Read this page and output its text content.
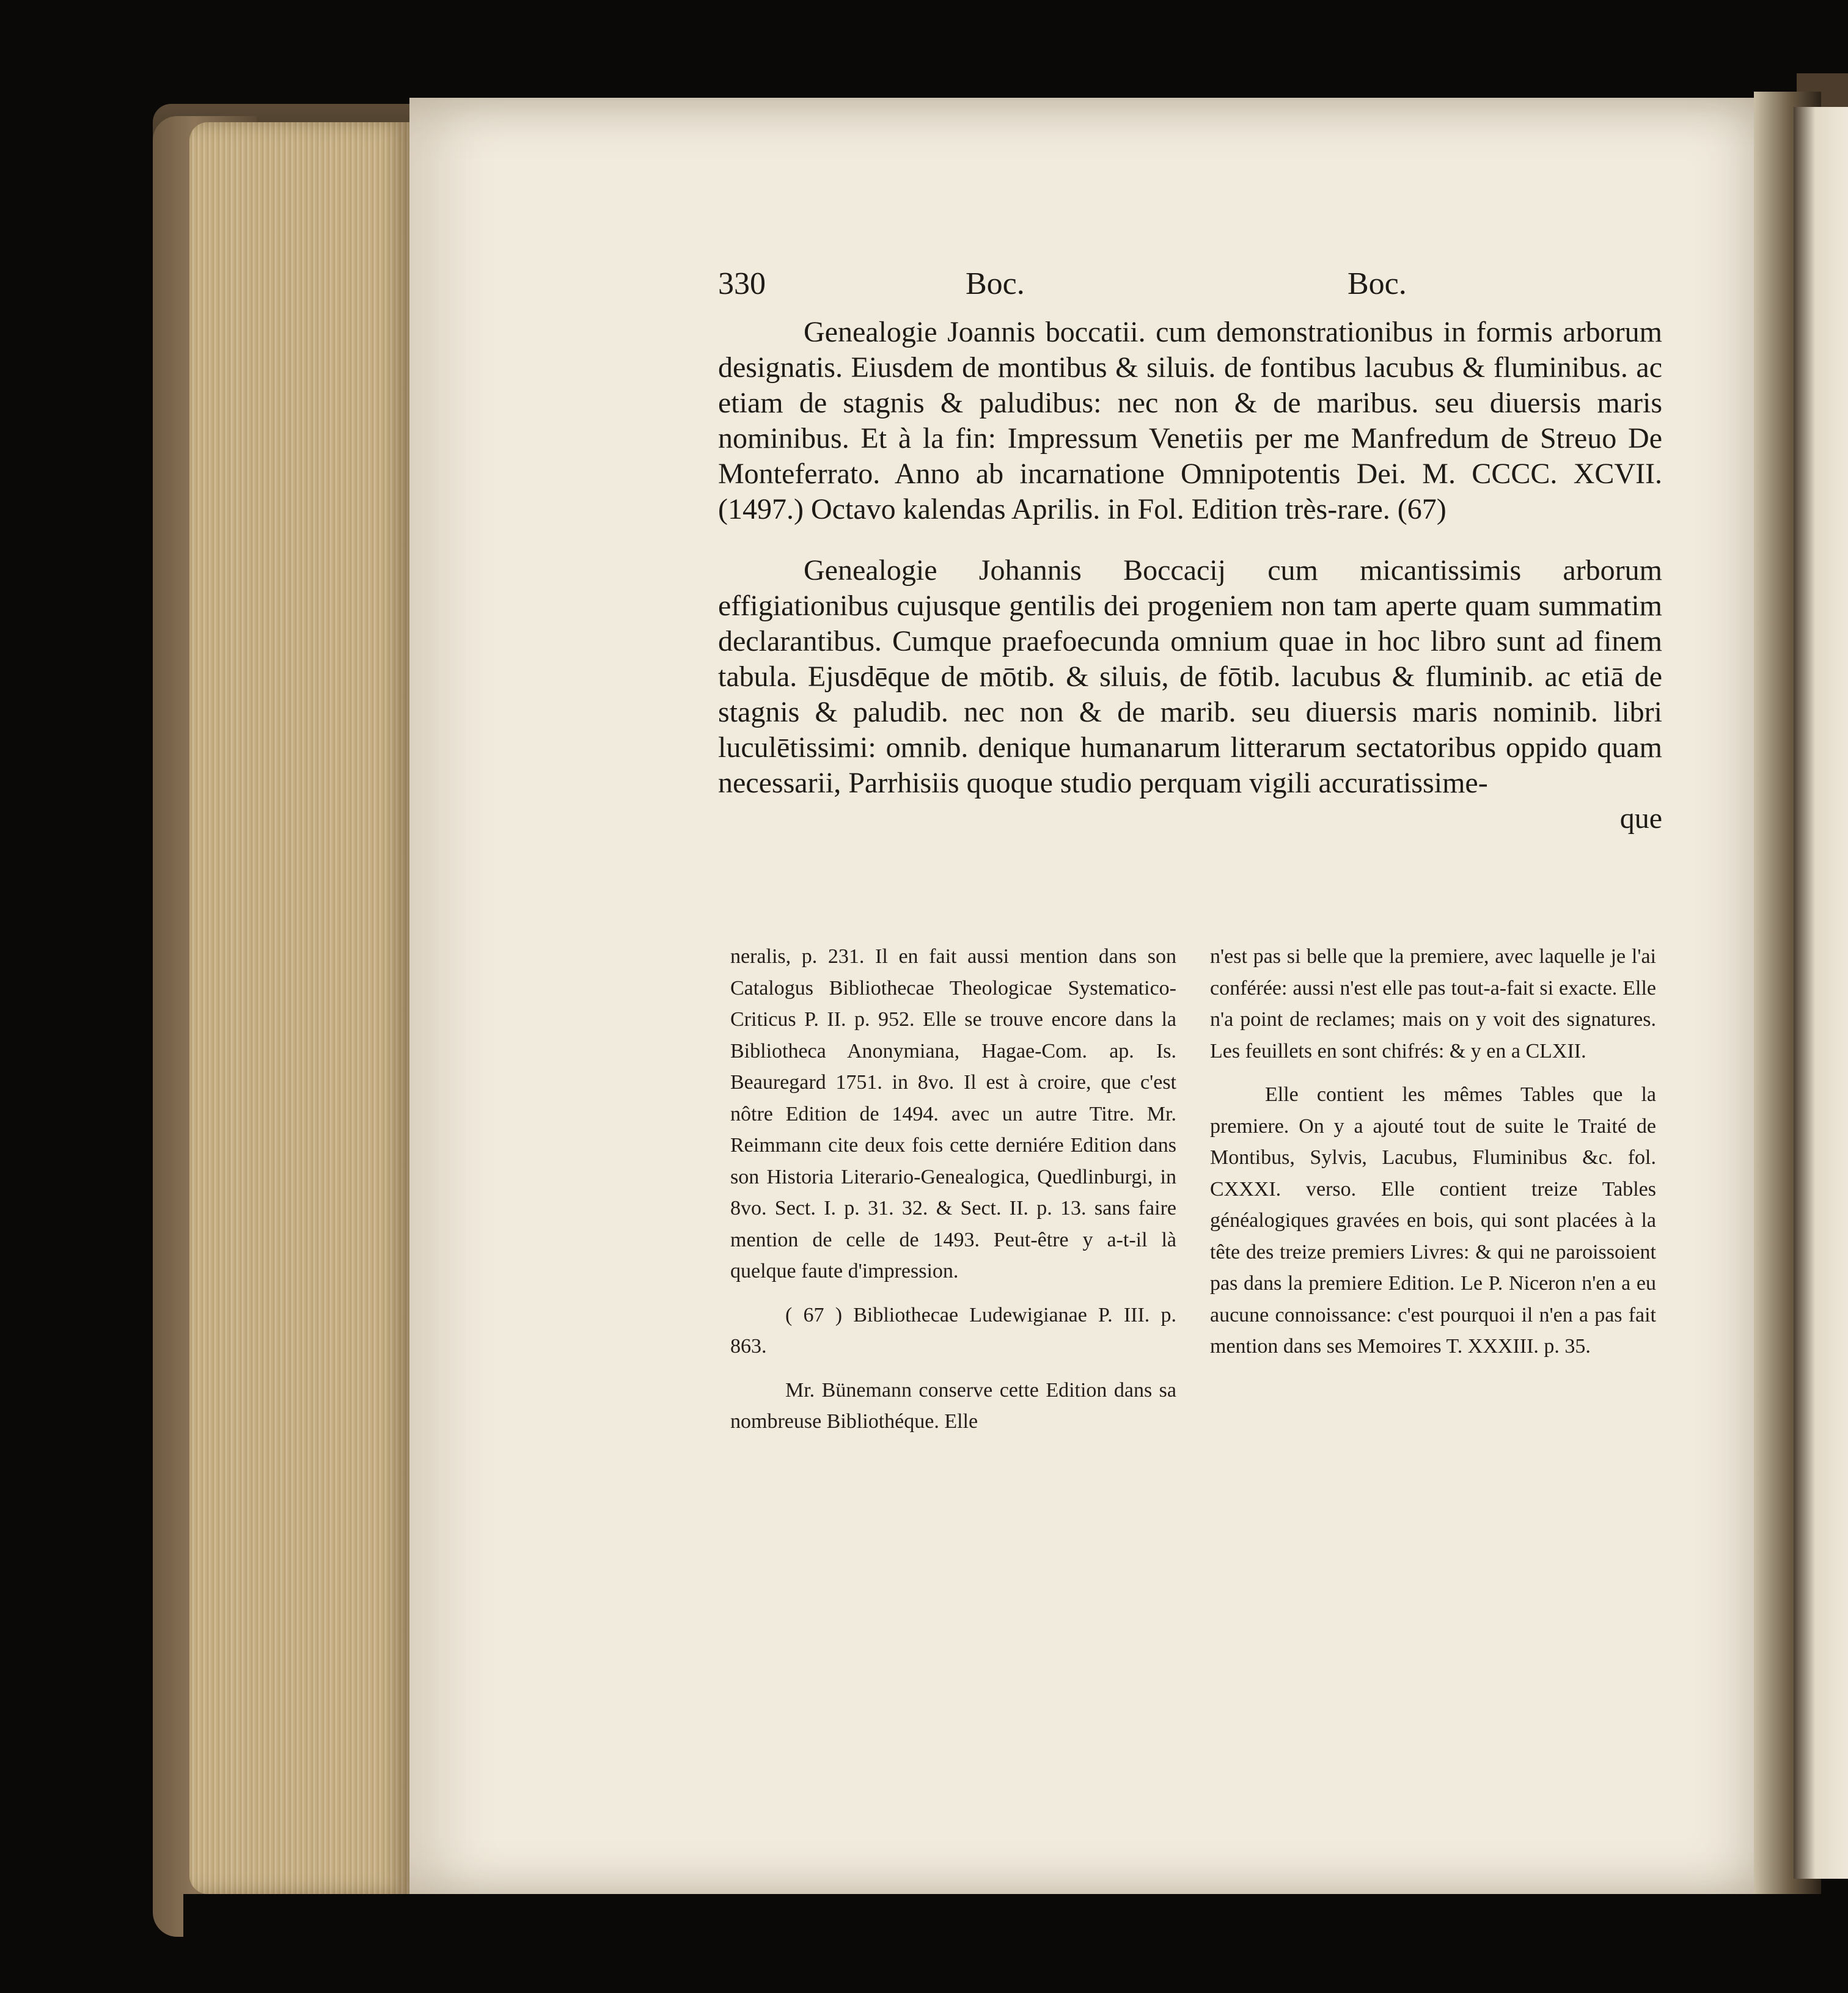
330	Boc.	Boc.

Genealogie Joannis boccatii. cum demonstrationibus in formis arborum designatis. Eiusdem de montibus & siluis. de fontibus lacubus & fluminibus. ac etiam de stagnis & paludibus: nec non & de maribus. seu diuersis maris nominibus. Et à la fin: Impressum Venetiis per me Manfredum de Streuo De Monteferrato. Anno ab incarnatione Omnipotentis Dei. M. CCCC. XCVII. (1497.) Octavo kalendas Aprilis. in Fol. Edition très-rare. (67)

Genealogie Johannis Boccacij cum micantissimis arborum effigiationibus cujusque gentilis dei progeniem non tam aperte quam summatim declarantibus. Cumque praefoecunda omnium quae in hoc libro sunt ad finem tabula. Ejusdēque de mōtib. & siluis, de fōtib. lacubus & fluminib. ac etiā de stagnis & paludib. nec non & de marib. seu diuersis maris nominib. libri luculētissimi: omnib. denique humanarum litterarum sectatoribus oppido quam necessarii, Parrhisiis quoque studio perquam vigili accuratissime-

que

neralis, p. 231. Il en fait aussi mention dans son Catalogus Bibliothecae Theologicae Systematico-Criticus P. II. p. 952. Elle se trouve encore dans la Bibliotheca Anonymiana, Hagae-Com. ap. Is. Beauregard 1751. in 8vo. Il est à croire, que c'est nôtre Edition de 1494. avec un autre Titre. Mr. Reimmann cite deux fois cette derniére Edition dans son Historia Literario-Genealogica, Quedlinburgi, in 8vo. Sect. I. p. 31. 32. & Sect. II. p. 13. sans faire mention de celle de 1493. Peut-être y a-t-il là quelque faute d'impression.

( 67 ) Bibliothecae Ludewigianae P. III. p. 863.

Mr. Bünemann conserve cette Edition dans sa nombreuse Bibliothéque. Elle

n'est pas si belle que la premiere, avec laquelle je l'ai conférée: aussi n'est elle pas tout-a-fait si exacte. Elle n'a point de reclames; mais on y voit des signatures. Les feuillets en sont chifrés: & y en a CLXII.

Elle contient les mêmes Tables que la premiere. On y a ajouté tout de suite le Traité de Montibus, Sylvis, Lacubus, Fluminibus &c. fol. CXXXI. verso. Elle contient treize Tables généalogiques gravées en bois, qui sont placées à la tête des treize premiers Livres: & qui ne paroissoient pas dans la premiere Edition. Le P. Niceron n'en a eu aucune connoissance: c'est pourquoi il n'en a pas fait mention dans ses Memoires T. XXXIII. p. 35.
